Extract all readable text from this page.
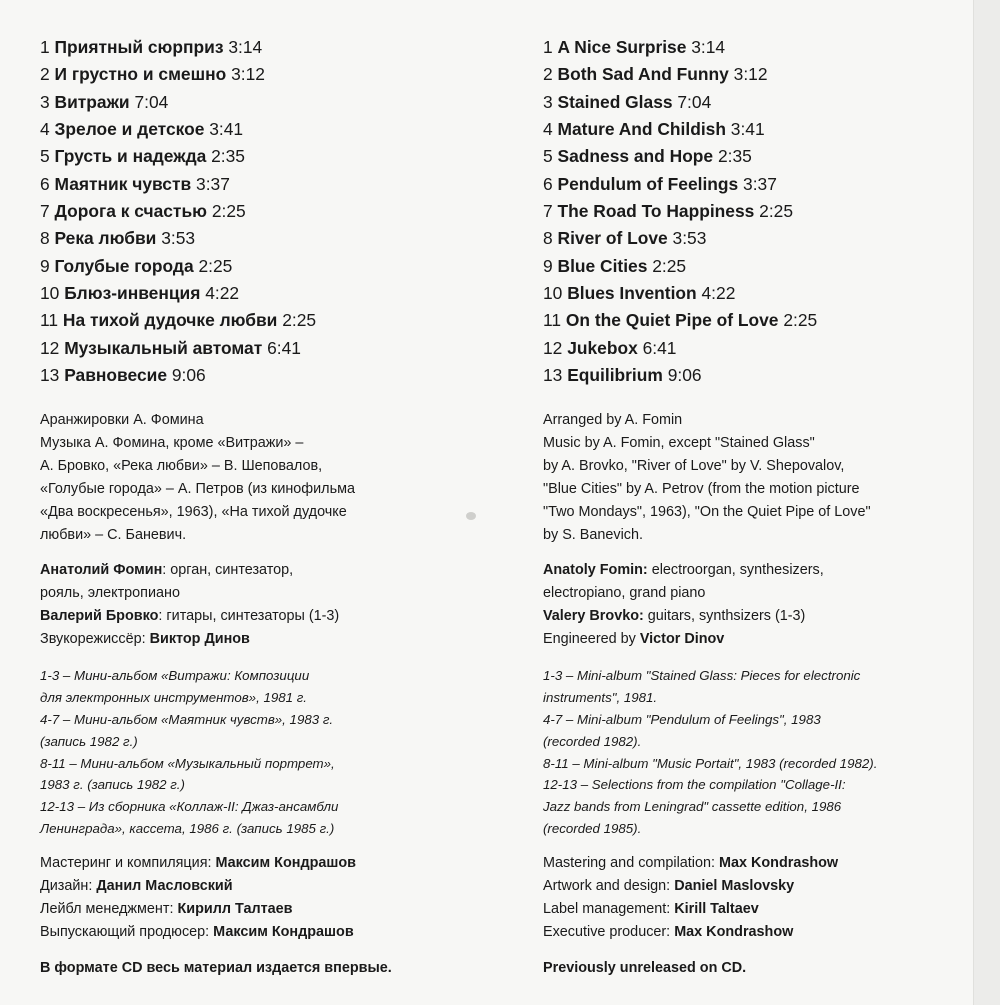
1 Приятный сюрприз 3:14
2 И грустно и смешно 3:12
3 Витражи 7:04
4 Зрелое и детское 3:41
5 Грусть и надежда 2:35
6 Маятник чувств 3:37
7 Дорога к счастью 2:25
8 Река любви 3:53
9 Голубые города 2:25
10 Блюз-инвенция 4:22
11 На тихой дудочке любви 2:25
12 Музыкальный автомат 6:41
13 Равновесие 9:06
Аранжировки А. Фомина
Музыка А. Фомина, кроме «Витражи» –
А. Бровко, «Река любви» – В. Шеповалов,
«Голубые города» – А. Петров (из кинофильма
«Два воскресенья», 1963), «На тихой дудочке
любви» – С. Баневич.
Анатолий Фомин: орган, синтезатор,
рояль, электропиано
Валерий Бровко: гитары, синтезаторы (1-3)
Звукорежиссёр: Виктор Динов
1-3 – Мини-альбом «Витражи: Композиции
для электронных инструментов», 1981 г.
4-7 – Мини-альбом «Маятник чувств», 1983 г.
(запись 1982 г.)
8-11 – Мини-альбом «Музыкальный портрет»,
1983 г. (запись 1982 г.)
12-13 – Из сборника «Коллаж-II: Джаз-ансамбли
Ленинграда», кассета, 1986 г. (запись 1985 г.)
Мастеринг и компиляция: Максим Кондрашов
Дизайн: Данил Масловский
Лейбл менеджмент: Кирилл Талтаев
Выпускающий продюсер: Максим Кондрашов
В формате CD весь материал издается впервые.
1 A Nice Surprise 3:14
2 Both Sad And Funny 3:12
3 Stained Glass 7:04
4 Mature And Childish 3:41
5 Sadness and Hope 2:35
6 Pendulum of Feelings 3:37
7 The Road To Happiness 2:25
8 River of Love 3:53
9 Blue Cities 2:25
10 Blues Invention 4:22
11 On the Quiet Pipe of Love 2:25
12 Jukebox 6:41
13 Equilibrium 9:06
Arranged by A. Fomin
Music by A. Fomin, except "Stained Glass"
by A. Brovko, "River of Love" by V. Shepovalov,
"Blue Cities" by A. Petrov (from the motion picture
"Two Mondays", 1963), "On the Quiet Pipe of Love"
by S. Banevich.
Anatoly Fomin: electroorgan, synthesizers,
electropiano, grand piano
Valery Brovko: guitars, synthsizers (1-3)
Engineered by Victor Dinov
1-3 – Mini-album "Stained Glass: Pieces for electronic
instruments", 1981.
4-7 – Mini-album "Pendulum of Feelings", 1983
(recorded 1982).
8-11 – Mini-album "Music Portait", 1983 (recorded 1982).
12-13 – Selections from the compilation "Collage-II:
Jazz bands from Leningrad" cassette edition, 1986
(recorded 1985).
Mastering and compilation: Max Kondrashow
Artwork and design: Daniel Maslovsky
Label management: Kirill Taltaev
Executive producer: Max Kondrashow
Previously unreleased on CD.
